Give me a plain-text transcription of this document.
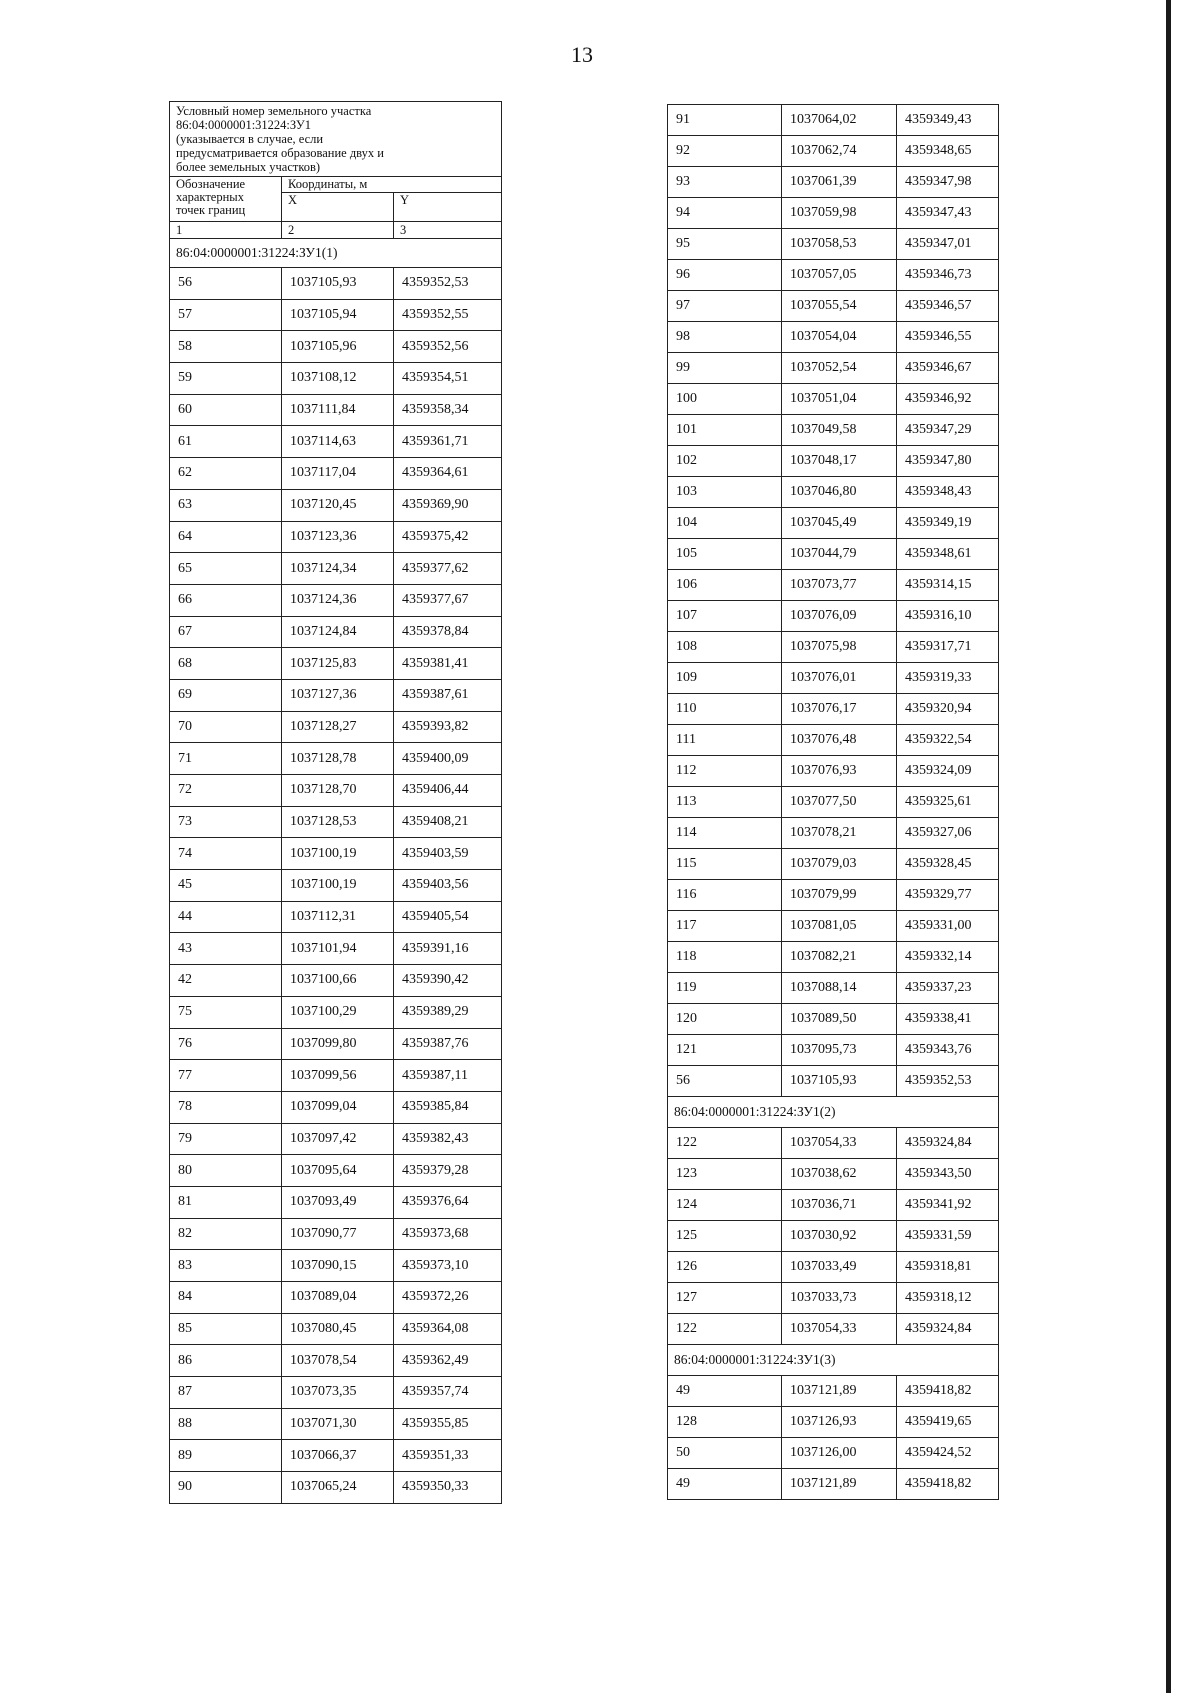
13
Условный номер земельного участка
86:04:0000001:31224:ЗУ1
(указывается в случае, если
предусматривается образование двух и
более земельных участков)		

Обозначение
характерных
точек границ	Координаты, м	
	X	Y
1	2	3
86:04:0000001:31224:ЗУ1(1)		
56	1037105,93	4359352,53
57	1037105,94	4359352,55
58	1037105,96	4359352,56
59	1037108,12	4359354,51
60	1037111,84	4359358,34
61	1037114,63	4359361,71
62	1037117,04	4359364,61
63	1037120,45	4359369,90
64	1037123,36	4359375,42
65	1037124,34	4359377,62
66	1037124,36	4359377,67
67	1037124,84	4359378,84
68	1037125,83	4359381,41
69	1037127,36	4359387,61
70	1037128,27	4359393,82
71	1037128,78	4359400,09
72	1037128,70	4359406,44
73	1037128,53	4359408,21
74	1037100,19	4359403,59
45	1037100,19	4359403,56
44	1037112,31	4359405,54
43	1037101,94	4359391,16
42	1037100,66	4359390,42
75	1037100,29	4359389,29
76	1037099,80	4359387,76
77	1037099,56	4359387,11
78	1037099,04	4359385,84
79	1037097,42	4359382,43
80	1037095,64	4359379,28
81	1037093,49	4359376,64
82	1037090,77	4359373,68
83	1037090,15	4359373,10
84	1037089,04	4359372,26
85	1037080,45	4359364,08
86	1037078,54	4359362,49
87	1037073,35	4359357,74
88	1037071,30	4359355,85
89	1037066,37	4359351,33
90	1037065,24	4359350,33
91	1037064,02	4359349,43
92	1037062,74	4359348,65
93	1037061,39	4359347,98
94	1037059,98	4359347,43
95	1037058,53	4359347,01
96	1037057,05	4359346,73
97	1037055,54	4359346,57
98	1037054,04	4359346,55
99	1037052,54	4359346,67
100	1037051,04	4359346,92
101	1037049,58	4359347,29
102	1037048,17	4359347,80
103	1037046,80	4359348,43
104	1037045,49	4359349,19
105	1037044,79	4359348,61
106	1037073,77	4359314,15
107	1037076,09	4359316,10
108	1037075,98	4359317,71
109	1037076,01	4359319,33
110	1037076,17	4359320,94
111	1037076,48	4359322,54
112	1037076,93	4359324,09
113	1037077,50	4359325,61
114	1037078,21	4359327,06
115	1037079,03	4359328,45
116	1037079,99	4359329,77
117	1037081,05	4359331,00
118	1037082,21	4359332,14
119	1037088,14	4359337,23
120	1037089,50	4359338,41
121	1037095,73	4359343,76
56	1037105,93	4359352,53
86:04:0000001:31224:ЗУ1(2)		
122	1037054,33	4359324,84
123	1037038,62	4359343,50
124	1037036,71	4359341,92
125	1037030,92	4359331,59
126	1037033,49	4359318,81
127	1037033,73	4359318,12
122	1037054,33	4359324,84
86:04:0000001:31224:ЗУ1(3)		
49	1037121,89	4359418,82
128	1037126,93	4359419,65
50	1037126,00	4359424,52
49	1037121,89	4359418,82
